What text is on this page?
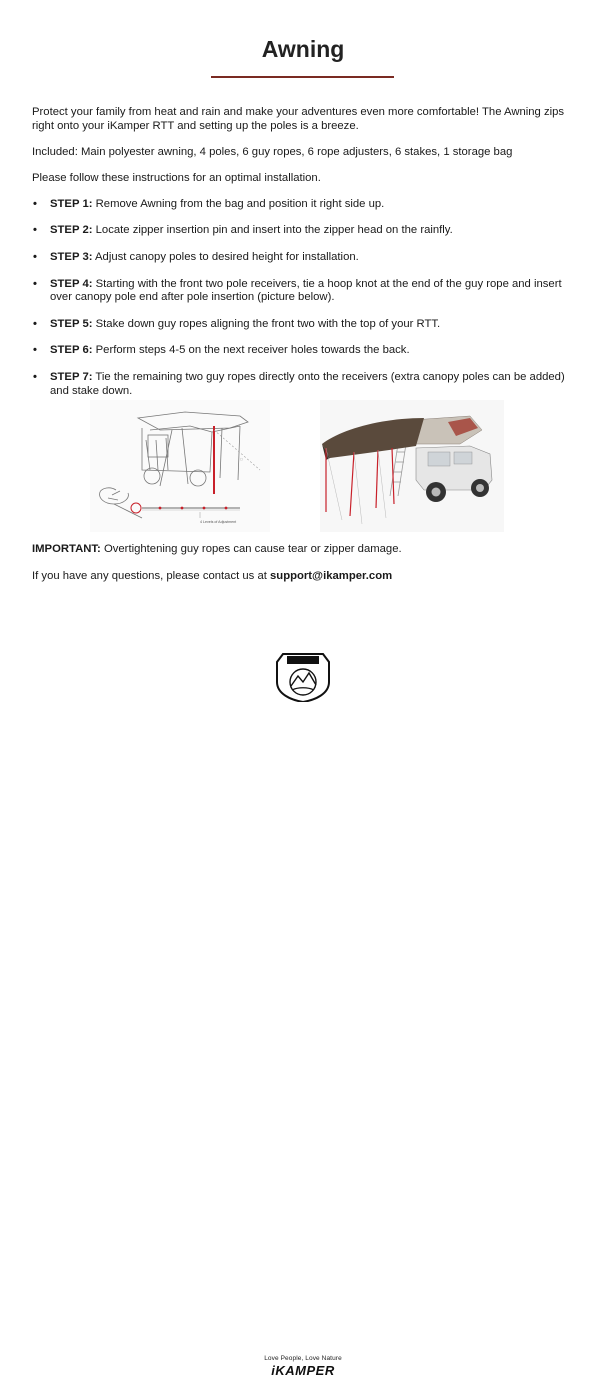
Awning

Protect your family from heat and rain and make your adventures even more comfortable! The Awning zips right onto your iKamper RTT and setting up the poles is a breeze.

Included: Main polyester awning, 4 poles, 6 guy ropes, 6 rope adjusters, 6 stakes, 1 storage bag

Please follow these instructions for an optimal installation.

• STEP 1: Remove Awning from the bag and position it right side up.
• STEP 2: Locate zipper insertion pin and insert into the zipper head on the rainfly.
• STEP 3: Adjust canopy poles to desired height for installation.
• STEP 4: Starting with the front two pole receivers, tie a hoop knot at the end of the guy rope and insert over canopy pole end after pole insertion (picture below).
• STEP 5: Stake down guy ropes aligning the front two with the top of your RTT.
• STEP 6: Perform steps 4-5 on the next receiver holes towards the back.
• STEP 7: Tie the remaining two guy ropes directly onto the receivers (extra canopy poles can be added) and stake down.
▢
4 Levels of Adjustment

IMPORTANT: Overtightening guy ropes can cause tear or zipper damage.

If you have any questions, please contact us at support@ikamper.com

Love People, Love Nature
iKAMPER
